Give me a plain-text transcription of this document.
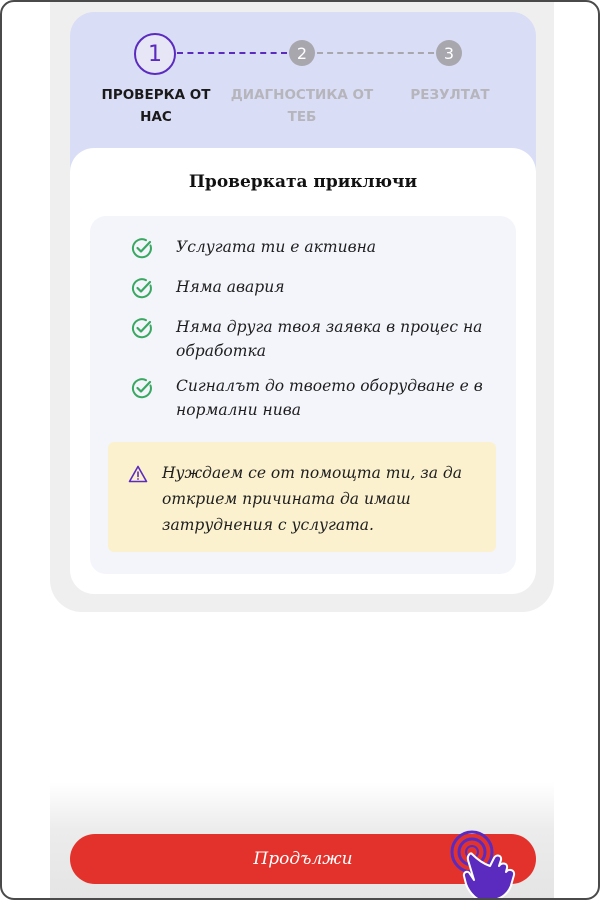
1	2	3
ПРОВЕРКА ОТ НАС
ДИАГНОСТИКА ОТ ТЕБ
РЕЗУЛТАТ
Проверката приключи
Услугата ти е активна
Няма авария
Няма друга твоя заявка в процес на обработка
Сигналът до твоето оборудване е в нормални нива
Нуждаем се от помощта ти, за да открием причината да имаш затруднения с услугата.
Продължи
